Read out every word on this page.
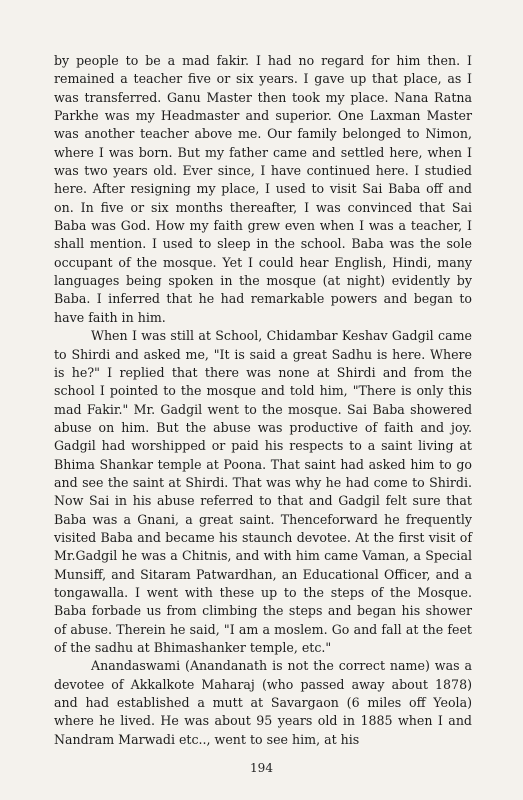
by people to be a mad fakir. I had no regard for him then. I remained a teacher five or six years. I gave up that place, as I was transferred. Ganu Master then took my place. Nana Ratna Parkhe was my Headmaster and superior. One Laxman Master was another teacher above me. Our family belonged to Nimon, where I was born. But my father came and settled here, when I was two years old. Ever since, I have continued here. I studied here. After resigning my place, I used to visit Sai Baba off and on. In five or six months thereafter, I was convinced that Sai Baba was God. How my faith grew even when I was a teacher, I shall mention. I used to sleep in the school. Baba was the sole occupant of the mosque. Yet I could hear English, Hindi, many languages being spoken in the mosque (at night) evidently by Baba. I inferred that he had remarkable powers and began to have faith in him.

When I was still at School, Chidambar Keshav Gadgil came to Shirdi and asked me, "It is said a great Sadhu is here. Where is he?" I replied that there was none at Shirdi and from the school I pointed to the mosque and told him, "There is only this mad Fakir." Mr. Gadgil went to the mosque. Sai Baba showered abuse on him. But the abuse was productive of faith and joy. Gadgil had worshipped or paid his respects to a saint living at Bhima Shankar temple at Poona. That saint had asked him to go and see the saint at Shirdi. That was why he had come to Shirdi. Now Sai in his abuse referred to that and Gadgil felt sure that Baba was a Gnani, a great saint. Thenceforward he frequently visited Baba and became his staunch devotee. At the first visit of Mr.Gadgil he was a Chitnis, and with him came Vaman, a Special Munsiff, and Sitaram Patwardhan, an Educational Officer, and a tongawalla. I went with these up to the steps of the Mosque. Baba forbade us from climbing the steps and began his shower of abuse. Therein he said, "I am a moslem. Go and fall at the feet of the sadhu at Bhimashanker temple, etc."

Anandaswami (Anandanath is not the correct name) was a devotee of Akkalkote Maharaj (who passed away about 1878) and had established a mutt at Savargaon (6 miles off Yeola) where he lived. He was about 95 years old in 1885 when I and Nandram Marwadi etc.., went to see him, at his

194
